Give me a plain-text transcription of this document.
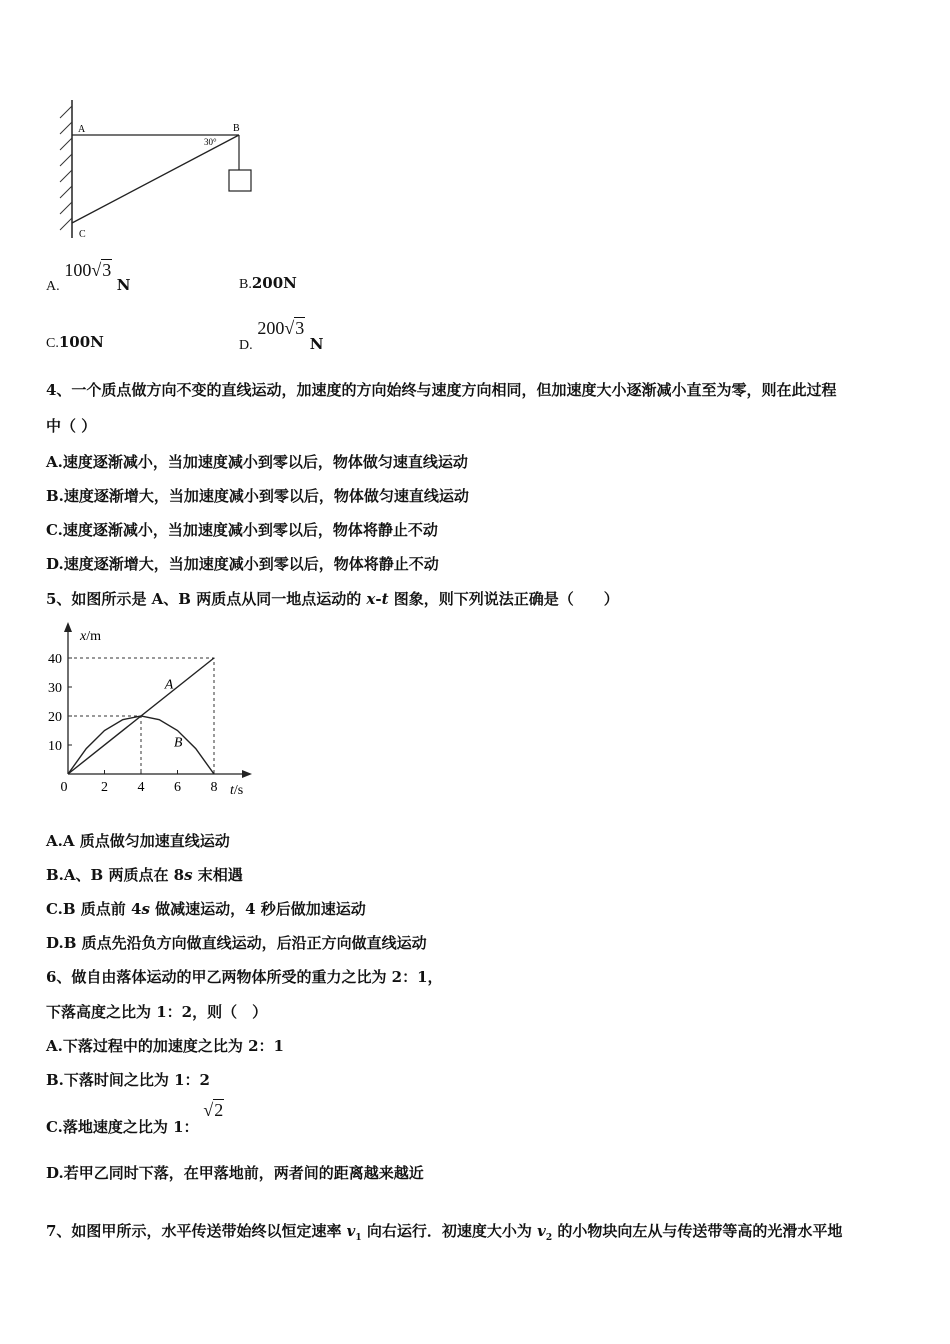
A	B
C
30°
A. 100√3 N	B.200N
C.100N	D. 200√3 N
4、一个质点做方向不变的直线运动，加速度的方向始终与速度方向相同，但加速度大小逐渐减小直至为零，则在此过程
中（ ）
A.速度逐渐减小，当加速度减小到零以后，物体做匀速直线运动
B.速度逐渐增大，当加速度减小到零以后，物体做匀速直线运动
C.速度逐渐减小，当加速度减小到零以后，物体将静止不动
D.速度逐渐增大，当加速度减小到零以后，物体将静止不动
5、如图所示是 A、B 两质点从同一地点运动的 x-t 图象，则下列说法正确是（　　）
x/m
t/s
0 2 4 6 8
10
20
30
40
A
B
A.A 质点做匀加速直线运动
B.A、B 两质点在 8s 末相遇
C.B 质点前 4s 做减速运动，4 秒后做加速运动
D.B 质点先沿负方向做直线运动，后沿正方向做直线运动
6、做自由落体运动的甲乙两物体所受的重力之比为 2：1，
下落高度之比为 1：2，则（　）
A.下落过程中的加速度之比为 2：1
B.下落时间之比为 1：2
C.落地速度之比为 1： √2
D.若甲乙同时下落，在甲落地前，两者间的距离越来越近
7、如图甲所示，水平传送带始终以恒定速率 $v_1$ 向右运行．初速度大小为 $v_2$ 的小物块向左从与传送带等高的光滑水平地
